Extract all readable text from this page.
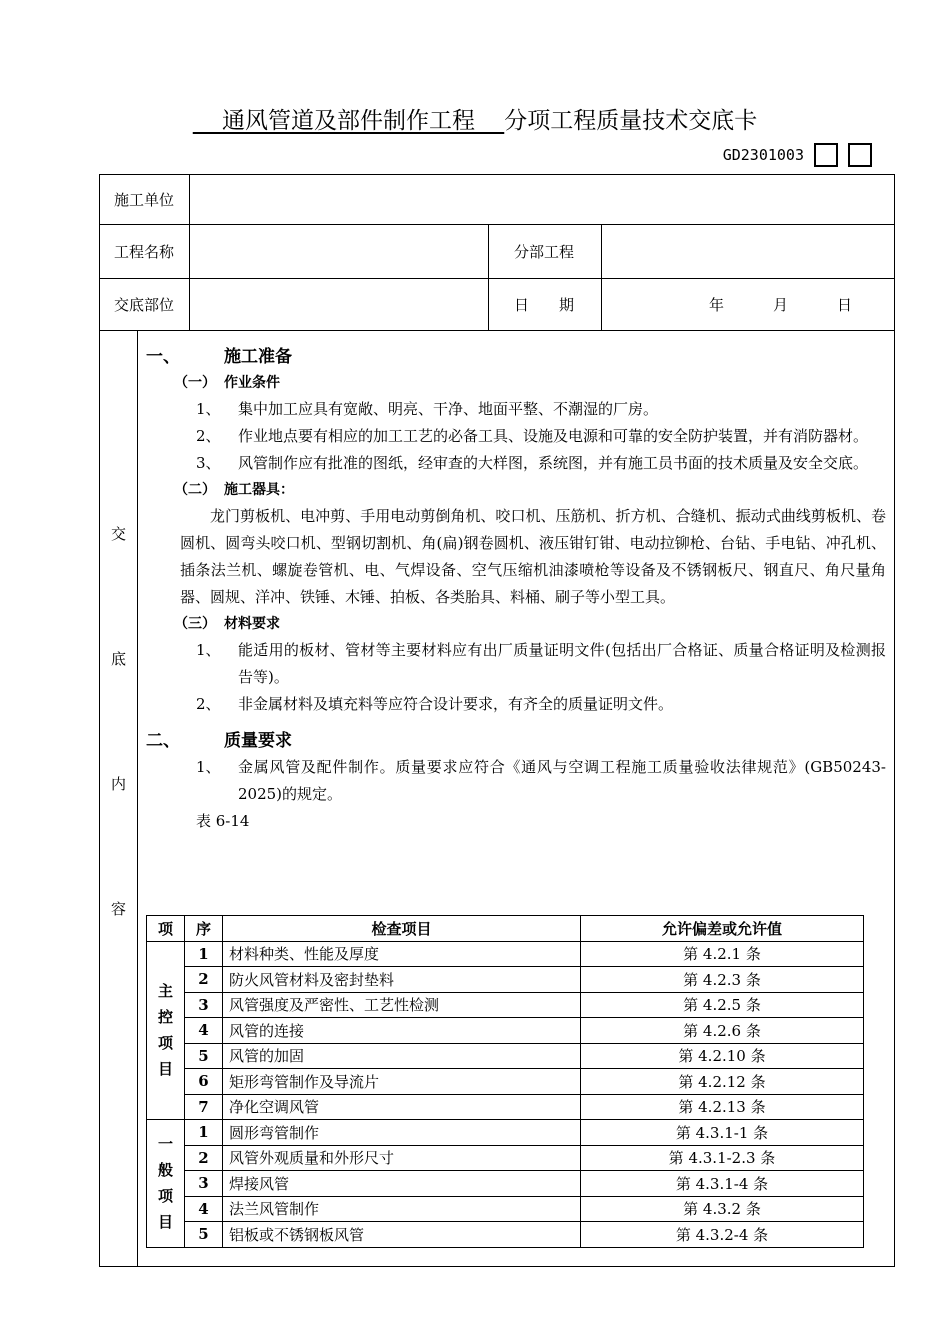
通风管道及部件制作工程 分项工程质量技术交底卡
GD2301003
施工单位
工程名称	分部工程
交底部位	日　　期	年	月	日
交
底
内
容
一、	施工准备
（一） 作业条件
1、	集中加工应具有宽敞、明亮、干净、地面平整、不潮湿的厂房。
2、	作业地点要有相应的加工工艺的必备工具、设施及电源和可靠的安全防护装置，并有消防器材。
3、	风管制作应有批准的图纸，经审查的大样图，系统图，并有施工员书面的技术质量及安全交底。
（二） 施工器具：
龙门剪板机、电冲剪、手用电动剪倒角机、咬口机、压筋机、折方机、合缝机、振动式曲线剪板机、卷圆机、圆弯头咬口机、型钢切割机、角(扁)钢卷圆机、液压钳钉钳、电动拉铆枪、台钻、手电钻、冲孔机、插条法兰机、螺旋卷管机、电、气焊设备、空气压缩机油漆喷枪等设备及不锈钢板尺、钢直尺、角尺量角器、圆规、洋冲、铁锤、木锤、拍板、各类胎具、料桶、刷子等小型工具。
（三） 材料要求
1、	能适用的板材、管材等主要材料应有出厂质量证明文件(包括出厂合格证、质量合格证明及检测报告等)。
2、	非金属材料及填充料等应符合设计要求，有齐全的质量证明文件。
二、	质量要求
1、	金属风管及配件制作。质量要求应符合《通风与空调工程施工质量验收法律规范》(GB50243-2025)的规定。
表 6-14
项	序	检查项目	允许偏差或允许值
主
控
项
目	1	材料种类、性能及厚度	第 4.2.1 条
	2	防火风管材料及密封垫料	第 4.2.3 条
	3	风管强度及严密性、工艺性检测	第 4.2.5 条
	4	风管的连接	第 4.2.6 条
	5	风管的加固	第 4.2.10 条
	6	矩形弯管制作及导流片	第 4.2.12 条
	7	净化空调风管	第 4.2.13 条
一
般
项
目	1	圆形弯管制作	第 4.3.1-1 条
	2	风管外观质量和外形尺寸	第 4.3.1-2.3 条
	3	焊接风管	第 4.3.1-4 条
	4	法兰风管制作	第 4.3.2 条
	5	铝板或不锈钢板风管	第 4.3.2-4 条
